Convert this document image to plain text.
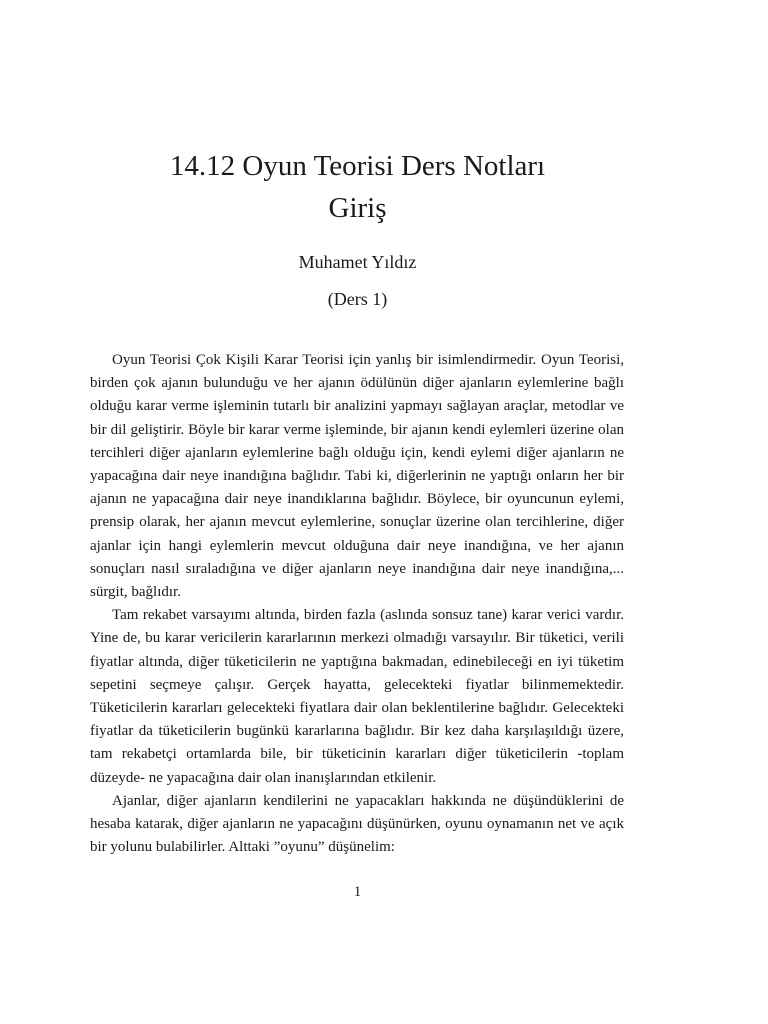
14.12 Oyun Teorisi Ders Notları
Giriş
Muhamet Yıldız
(Ders 1)

Oyun Teorisi Çok Kişili Karar Teorisi için yanlış bir isimlendirmedir. Oyun Teorisi, birden çok ajanın bulunduğu ve her ajanın ödülünün diğer ajanların eylemlerine bağlı olduğu karar verme işleminin tutarlı bir analizini yapmayı sağlayan araçlar, metodlar ve bir dil geliştirir. Böyle bir karar verme işleminde, bir ajanın kendi eylemleri üzerine olan tercihleri diğer ajanların eylemlerine bağlı olduğu için, kendi eylemi diğer ajanların ne yapacağına dair neye inandığına bağlıdır. Tabi ki, diğerlerinin ne yaptığı onların her bir ajanın ne yapacağına dair neye inandıklarına bağlıdır. Böylece, bir oyuncunun eylemi, prensip olarak, her ajanın mevcut eylemlerine, sonuçlar üzerine olan tercihlerine, diğer ajanlar için hangi eylemlerin mevcut olduğuna dair neye inandığına, ve her ajanın sonuçları nasıl sıraladığına ve diğer ajanların neye inandığına dair neye inandığına,... sürgit, bağlıdır.

Tam rekabet varsayımı altında, birden fazla (aslında sonsuz tane) karar verici vardır. Yine de, bu karar vericilerin kararlarının merkezi olmadığı varsayılır. Bir tüketici, verili fiyatlar altında, diğer tüketicilerin ne yaptığına bakmadan, edinebileceği en iyi tüketim sepetini seçmeye çalışır. Gerçek hayatta, gelecekteki fiyatlar bilinmemektedir. Tüketicilerin kararları gelecekteki fiyatlara dair olan beklentilerine bağlıdır. Gelecekteki fiyatlar da tüketicilerin bugünkü kararlarına bağlıdır. Bir kez daha karşılaşıldığı üzere, tam rekabetçi ortamlarda bile, bir tüketicinin kararları diğer tüketicilerin -toplam düzeyde- ne yapacağına dair olan inanışlarından etkilenir.

Ajanlar, diğer ajanların kendilerini ne yapacakları hakkında ne düşündüklerini de hesaba katarak, diğer ajanların ne yapacağını düşünürken, oyunu oynamanın net ve açık bir yolunu bulabilirler. Alttaki ”oyunu” düşünelim:

1
